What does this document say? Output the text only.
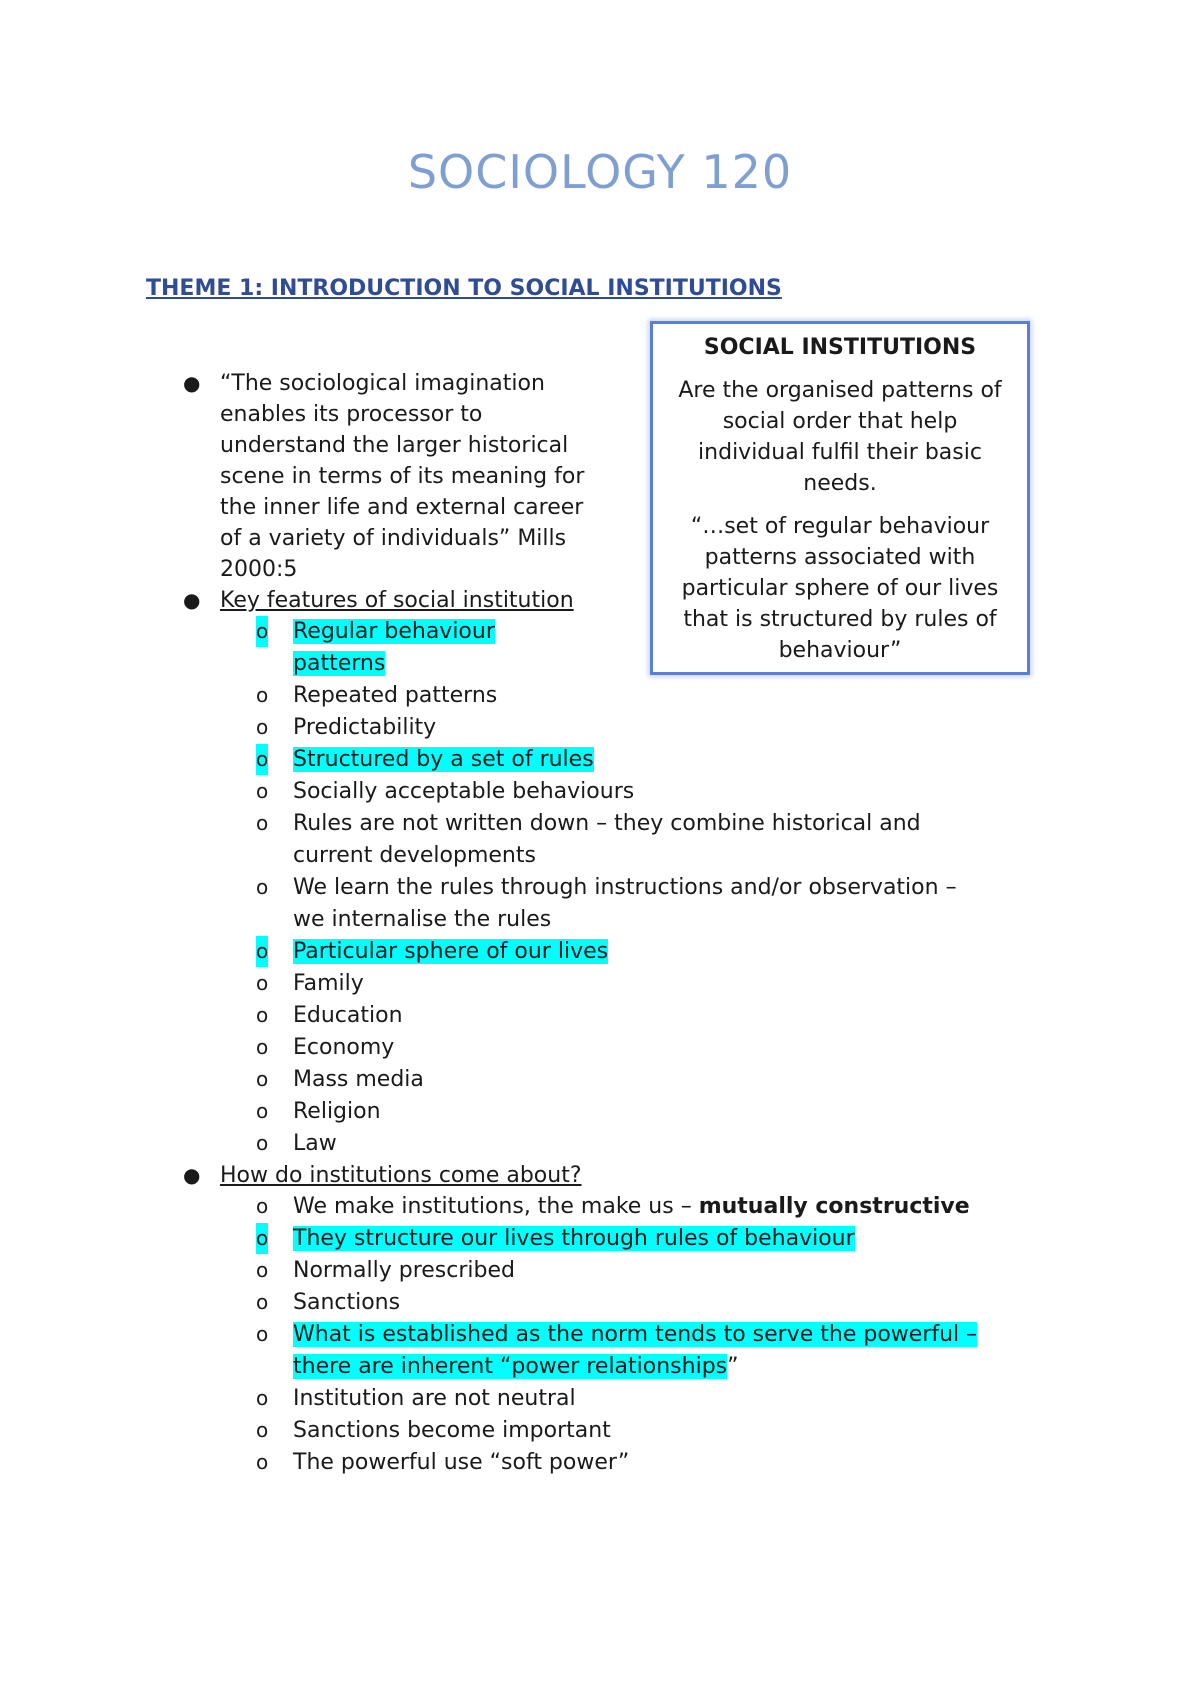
SOCIOLOGY 120
THEME 1: INTRODUCTION TO SOCIAL INSTITUTIONS
SOCIAL INSTITUTIONS
Are the organised patterns of social order that help individual fulfil their basic needs.
“…set of regular behaviour patterns associated with particular sphere of our lives that is structured by rules of behaviour”
● “The sociological imagination
enables its processor to
understand the larger historical
scene in terms of its meaning for
the inner life and external career
of a variety of individuals” Mills
2000:5
● Key features of social institution
o Regular behaviour
patterns
o Repeated patterns
o Predictability
o Structured by a set of rules
o Socially acceptable behaviours
o Rules are not written down – they combine historical and
current developments
o We learn the rules through instructions and/or observation –
we internalise the rules
o Particular sphere of our lives
o Family
o Education
o Economy
o Mass media
o Religion
o Law
● How do institutions come about?
o We make institutions, the make us – mutually constructive
o They structure our lives through rules of behaviour
o Normally prescribed
o Sanctions
o What is established as the norm tends to serve the powerful –
there are inherent “power relationships”
o Institution are not neutral
o Sanctions become important
o The powerful use “soft power”
